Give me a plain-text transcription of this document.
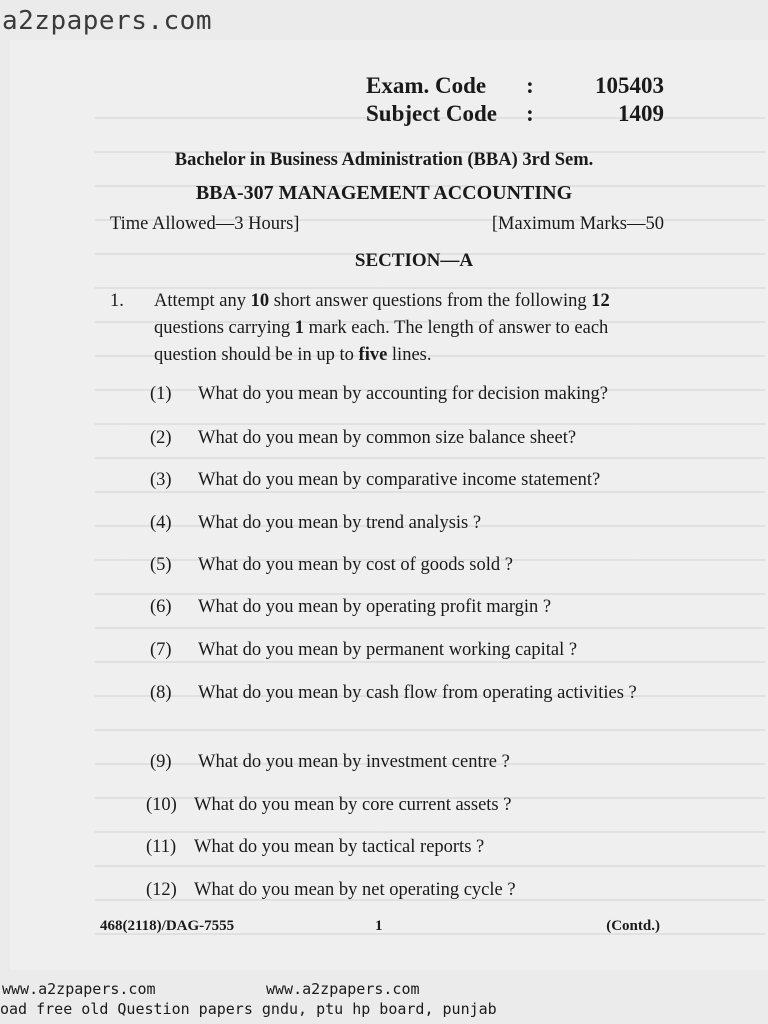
a2zpapers.com
Exam. Code	:	105403
Subject Code	:	1409
Bachelor in Business Administration (BBA) 3rd Sem.
BBA-307 MANAGEMENT ACCOUNTING
Time Allowed—3 Hours]	[Maximum Marks—50
SECTION—A
1. Attempt any 10 short answer questions from the following 12 questions carrying 1 mark each. The length of answer to each question should be in up to five lines.
(1)	What do you mean by accounting for decision making?
(2)	What do you mean by common size balance sheet?
(3)	What do you mean by comparative income statement?
(4)	What do you mean by trend analysis ?
(5)	What do you mean by cost of goods sold ?
(6)	What do you mean by operating profit margin ?
(7)	What do you mean by permanent working capital ?
(8)	What do you mean by cash flow from operating activities ?
(9)	What do you mean by investment centre ?
(10) What do you mean by core current assets ?
(11) What do you mean by tactical reports ?
(12) What do you mean by net operating cycle ?
468(2118)/DAG-7555	1	(Contd.)
www.a2zpapers.com	www.a2zpapers.com
oad free old Question papers gndu, ptu hp board, punjab
